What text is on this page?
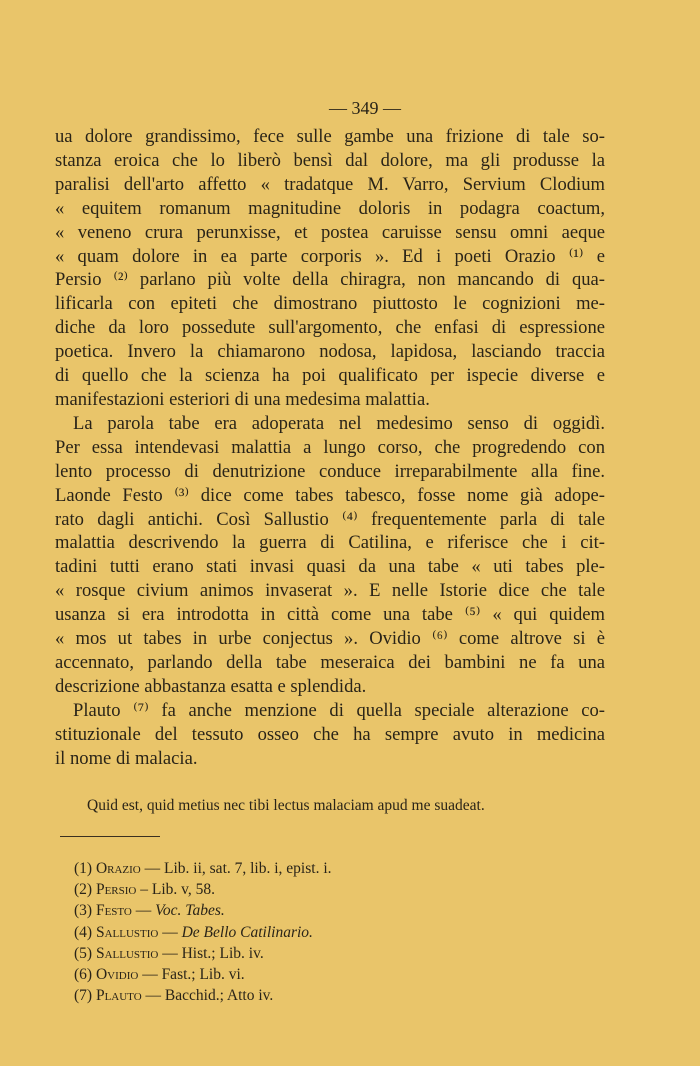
— 349 —
ua dolore grandissimo, fece sulle gambe una frizione di tale so-
stanza eroica che lo liberò bensì dal dolore, ma gli produsse la
paralisi dell'arto affetto « tradatque M. Varro, Servium Clodium
« equitem romanum magnitudine doloris in podagra coactum,
« veneno crura perunxisse, et postea caruisse sensu omni aeque
« quam dolore in ea parte corporis ». Ed i poeti Orazio ⁽¹⁾ e
Persio ⁽²⁾ parlano più volte della chiragra, non mancando di qua-
lificarla con epiteti che dimostrano piuttosto le cognizioni me-
diche da loro possedute sull'argomento, che enfasi di espressione
poetica. Invero la chiamarono nodosa, lapidosa, lasciando traccia
di quello che la scienza ha poi qualificato per ispecie diverse e
manifestazioni esteriori di una medesima malattia.
La parola tabe era adoperata nel medesimo senso di oggidì.
Per essa intendevasi malattia a lungo corso, che progredendo con
lento processo di denutrizione conduce irreparabilmente alla fine.
Laonde Festo ⁽³⁾ dice come tabes tabesco, fosse nome già adope-
rato dagli antichi. Così Sallustio ⁽⁴⁾ frequentemente parla di tale
malattia descrivendo la guerra di Catilina, e riferisce che i cit-
tadini tutti erano stati invasi quasi da una tabe « uti tabes ple-
« rosque civium animos invaserat ». E nelle Istorie dice che tale
usanza si era introdotta in città come una tabe ⁽⁵⁾ « qui quidem
« mos ut tabes in urbe conjectus ». Ovidio ⁽⁶⁾ come altrove si è
accennato, parlando della tabe meseraica dei bambini ne fa una
descrizione abbastanza esatta e splendida.
Plauto ⁽⁷⁾ fa anche menzione di quella speciale alterazione co-
stituzionale del tessuto osseo che ha sempre avuto in medicina
il nome di malacia.
Quid est, quid metius nec tibi lectus malaciam apud me suadeat.
(1) Orazio — Lib. ii, sat. 7, lib. i, epist. i.
(2) Persio – Lib. v, 58.
(3) Festo — Voc. Tabes.
(4) Sallustio — De Bello Catilinario.
(5) Sallustio — Hist.; Lib. iv.
(6) Ovidio — Fast.; Lib. vi.
(7) Plauto — Bacchid.; Atto iv.
